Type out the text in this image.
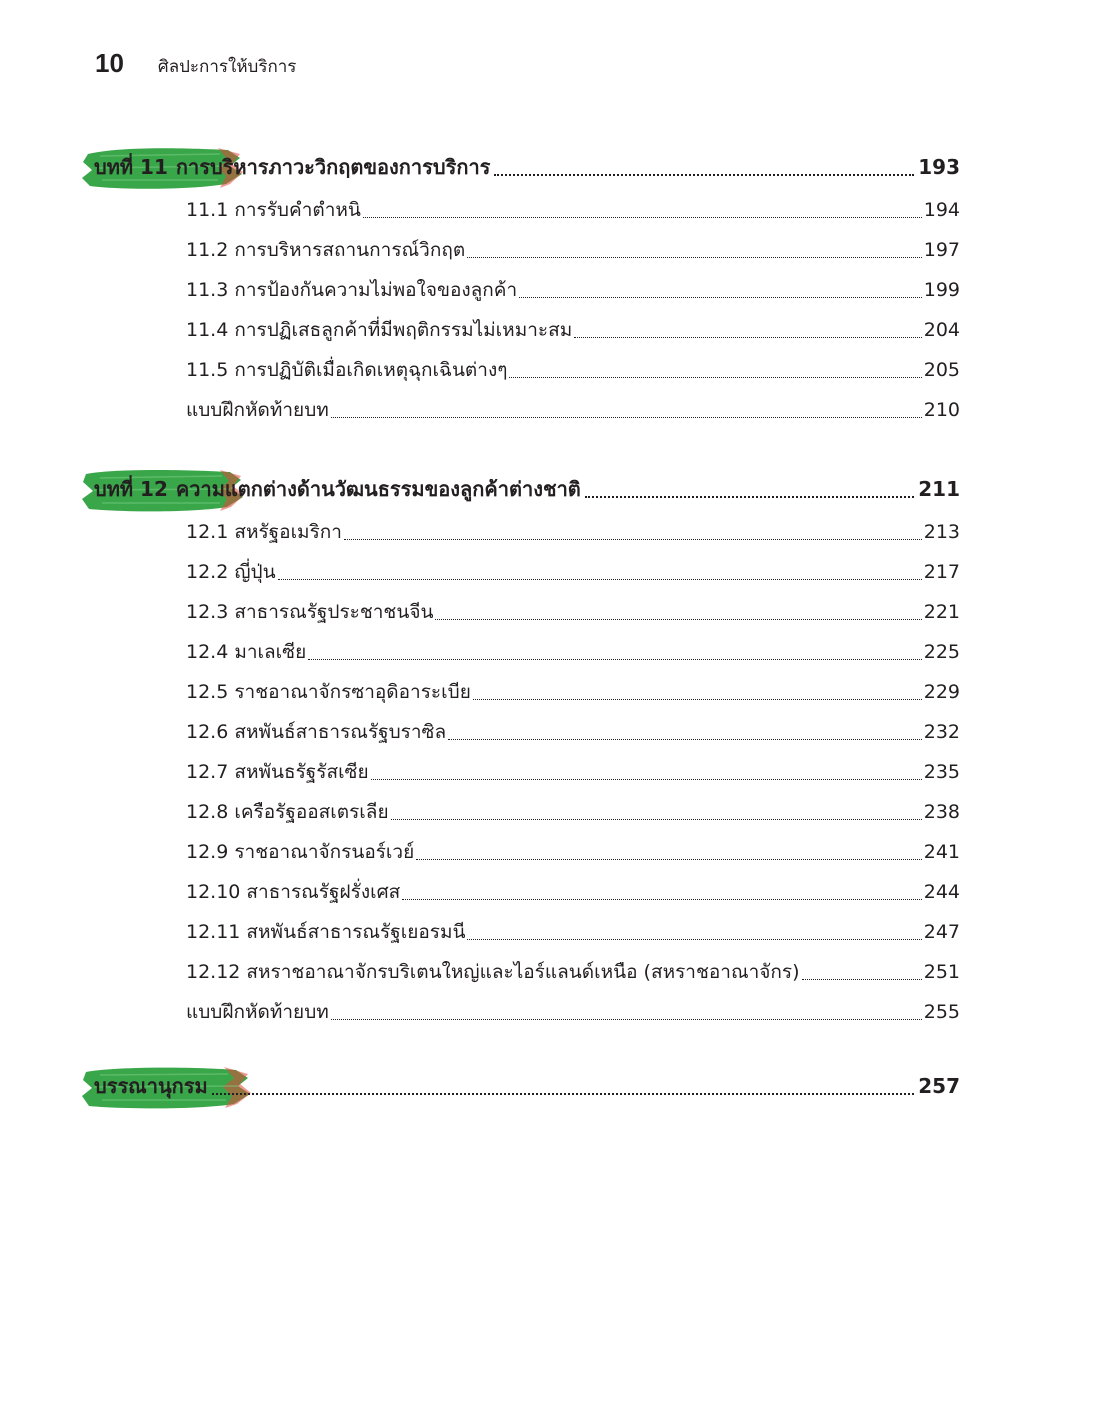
10 ศิลปะการให้บริการ
บทที่ 11 การบริหารภาวะวิกฤตของการบริการ	193
11.1 การรับคำตำหนิ	194
11.2 การบริหารสถานการณ์วิกฤต	197
11.3 การป้องกันความไม่พอใจของลูกค้า	199
11.4 การปฏิเสธลูกค้าที่มีพฤติกรรมไม่เหมาะสม	204
11.5 การปฏิบัติเมื่อเกิดเหตุฉุกเฉินต่างๆ	205
แบบฝึกหัดท้ายบท	210
บทที่ 12 ความแตกต่างด้านวัฒนธรรมของลูกค้าต่างชาติ	211
12.1 สหรัฐอเมริกา	213
12.2 ญี่ปุ่น	217
12.3 สาธารณรัฐประชาชนจีน	221
12.4 มาเลเซีย	225
12.5 ราชอาณาจักรซาอุดิอาระเบีย	229
12.6 สหพันธ์สาธารณรัฐบราซิล	232
12.7 สหพันธรัฐรัสเซีย	235
12.8 เครือรัฐออสเตรเลีย	238
12.9 ราชอาณาจักรนอร์เวย์	241
12.10 สาธารณรัฐฝรั่งเศส	244
12.11 สหพันธ์สาธารณรัฐเยอรมนี	247
12.12 สหราชอาณาจักรบริเตนใหญ่และไอร์แลนด์เหนือ (สหราชอาณาจักร)	251
แบบฝึกหัดท้ายบท	255
บรรณานุกรม	257
